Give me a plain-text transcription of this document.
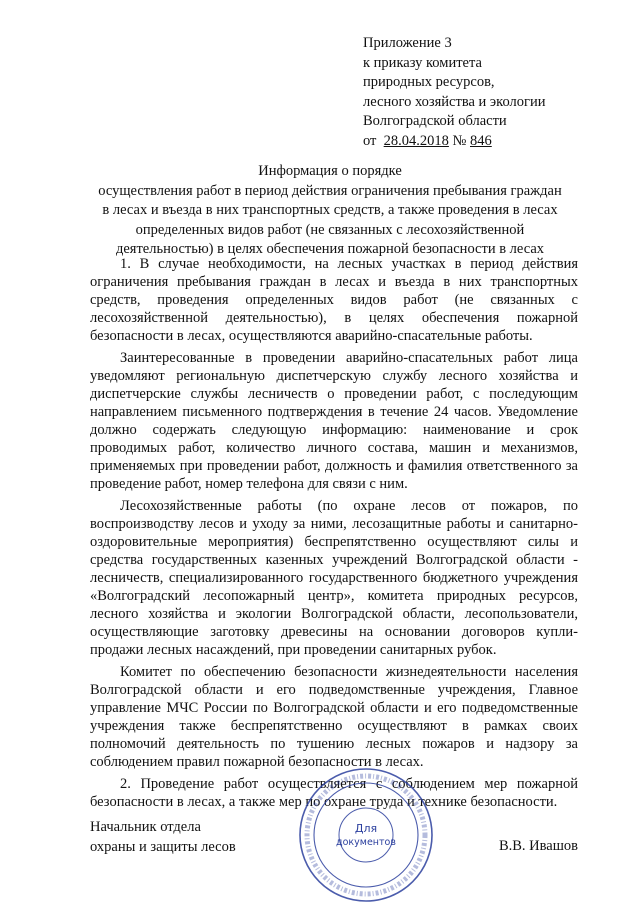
Приложение 3
к приказу комитета
природных ресурсов,
лесного хозяйства и экологии
Волгоградской области
от 28.04.2018 № 846
Информация о порядке
осуществления работ в период действия ограничения пребывания граждан
в лесах и въезда в них транспортных средств, а также проведения в лесах
определенных видов работ (не связанных с лесохозяйственной
деятельностью) в целях обеспечения пожарной безопасности в лесах

1. В случае необходимости, на лесных участках в период действия ограничения пребывания граждан в лесах и въезда в них транспортных средств, проведения определенных видов работ (не связанных с лесохозяйственной деятельностью), в целях обеспечения пожарной безопасности в лесах, осуществляются аварийно-спасательные работы.

Заинтересованные в проведении аварийно-спасательных работ лица уведомляют региональную диспетчерскую службу лесного хозяйства и диспетчерские службы лесничеств о проведении работ, с последующим направлением письменного подтверждения в течение 24 часов. Уведомление должно содержать следующую информацию: наименование и срок проводимых работ, количество личного состава, машин и механизмов, применяемых при проведении работ, должность и фамилия ответственного за проведение работ, номер телефона для связи с ним.

Лесохозяйственные работы (по охране лесов от пожаров, по воспроизводству лесов и уходу за ними, лесозащитные работы и санитарно-оздоровительные мероприятия) беспрепятственно осуществляют силы и средства государственных казенных учреждений Волгоградской области - лесничеств, специализированного государственного бюджетного учреждения «Волгоградский лесопожарный центр», комитета природных ресурсов, лесного хозяйства и экологии Волгоградской области, лесопользователи, осуществляющие заготовку древесины на основании договоров купли-продажи лесных насаждений, при проведении санитарных рубок.

Комитет по обеспечению безопасности жизнедеятельности населения Волгоградской области и его подведомственные учреждения, Главное управление МЧС России по Волгоградской области и его подведомственные учреждения также беспрепятственно осуществляют в рамках своих полномочий деятельность по тушению лесных пожаров и надзору за соблюдением правил пожарной безопасности в лесах.

2. Проведение работ осуществляется с соблюдением мер пожарной безопасности в лесах, а также мер по охране труда и технике безопасности.

Начальник отдела
охраны и защиты лесов	В.В. Ивашов
Для
документов
